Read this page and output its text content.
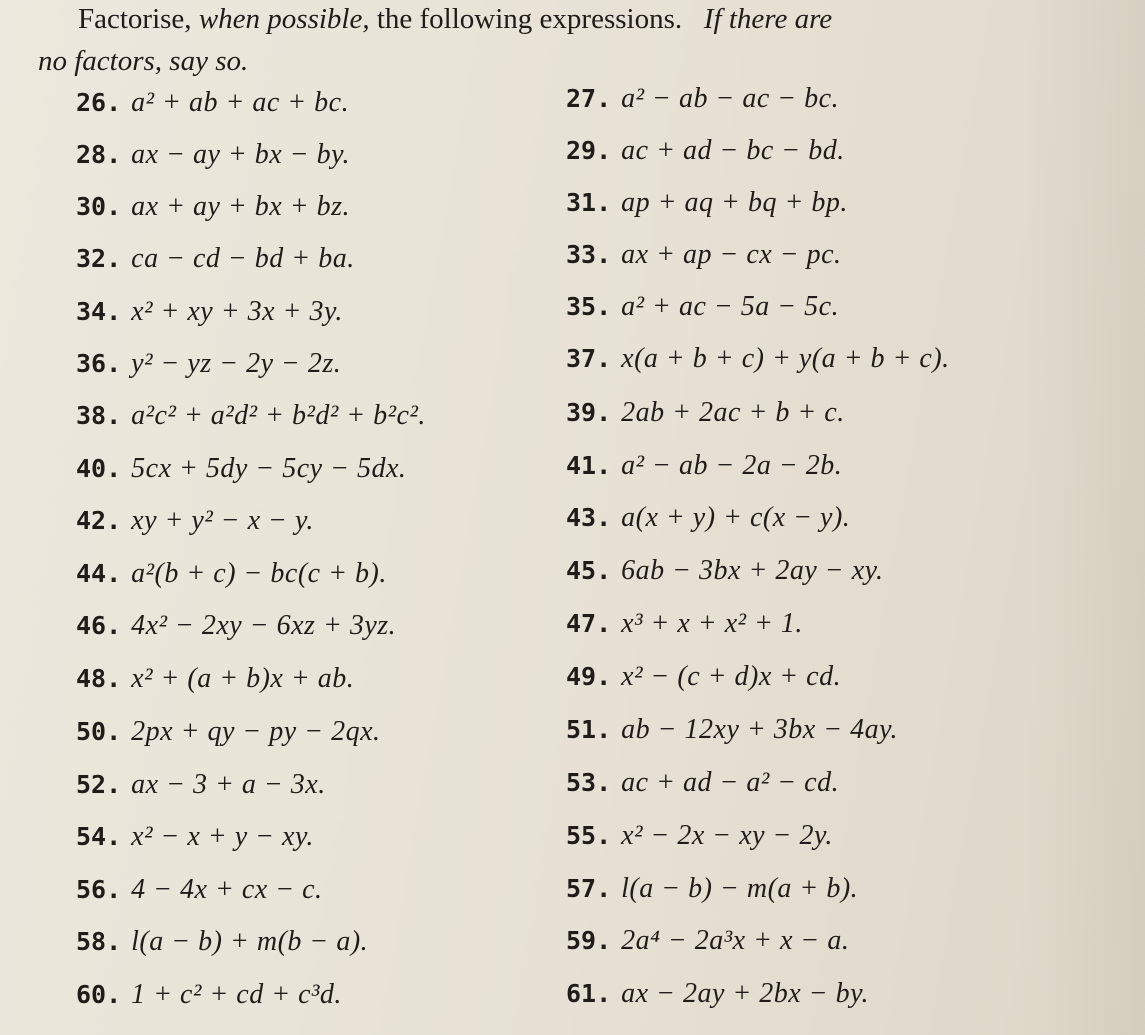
Factorise, when possible, the following expressions. If there are
no factors, say so.
26. a² + ab + ac + bc.	27. a² − ab − ac − bc.
28. ax − ay + bx − by.	29. ac + ad − bc − bd.
30. ax + ay + bx + bz.	31. ap + aq + bq + bp.
32. ca − cd − bd + ba.	33. ax + ap − cx − pc.
34. x² + xy + 3x + 3y.	35. a² + ac − 5a − 5c.
36. y² − yz − 2y − 2z.	37. x(a + b + c) + y(a + b + c).
38. a²c² + a²d² + b²d² + b²c².	39. 2ab + 2ac + b + c.
40. 5cx + 5dy − 5cy − 5dx.	41. a² − ab − 2a − 2b.
42. xy + y² − x − y.	43. a(x + y) + c(x − y).
44. a²(b + c) − bc(c + b).	45. 6ab − 3bx + 2ay − xy.
46. 4x² − 2xy − 6xz + 3yz.	47. x³ + x + x² + 1.
48. x² + (a + b)x + ab.	49. x² − (c + d)x + cd.
50. 2px + qy − py − 2qx.	51. ab − 12xy + 3bx − 4ay.
52. ax − 3 + a − 3x.	53. ac + ad − a² − cd.
54. x² − x + y − xy.	55. x² − 2x − xy − 2y.
56. 4 − 4x + cx − c.	57. l(a − b) − m(a + b).
58. l(a − b) + m(b − a).	59. 2a⁴ − 2a³x + x − a.
60. 1 + c² + cd + c³d.	61. ax − 2ay + 2bx − by.
